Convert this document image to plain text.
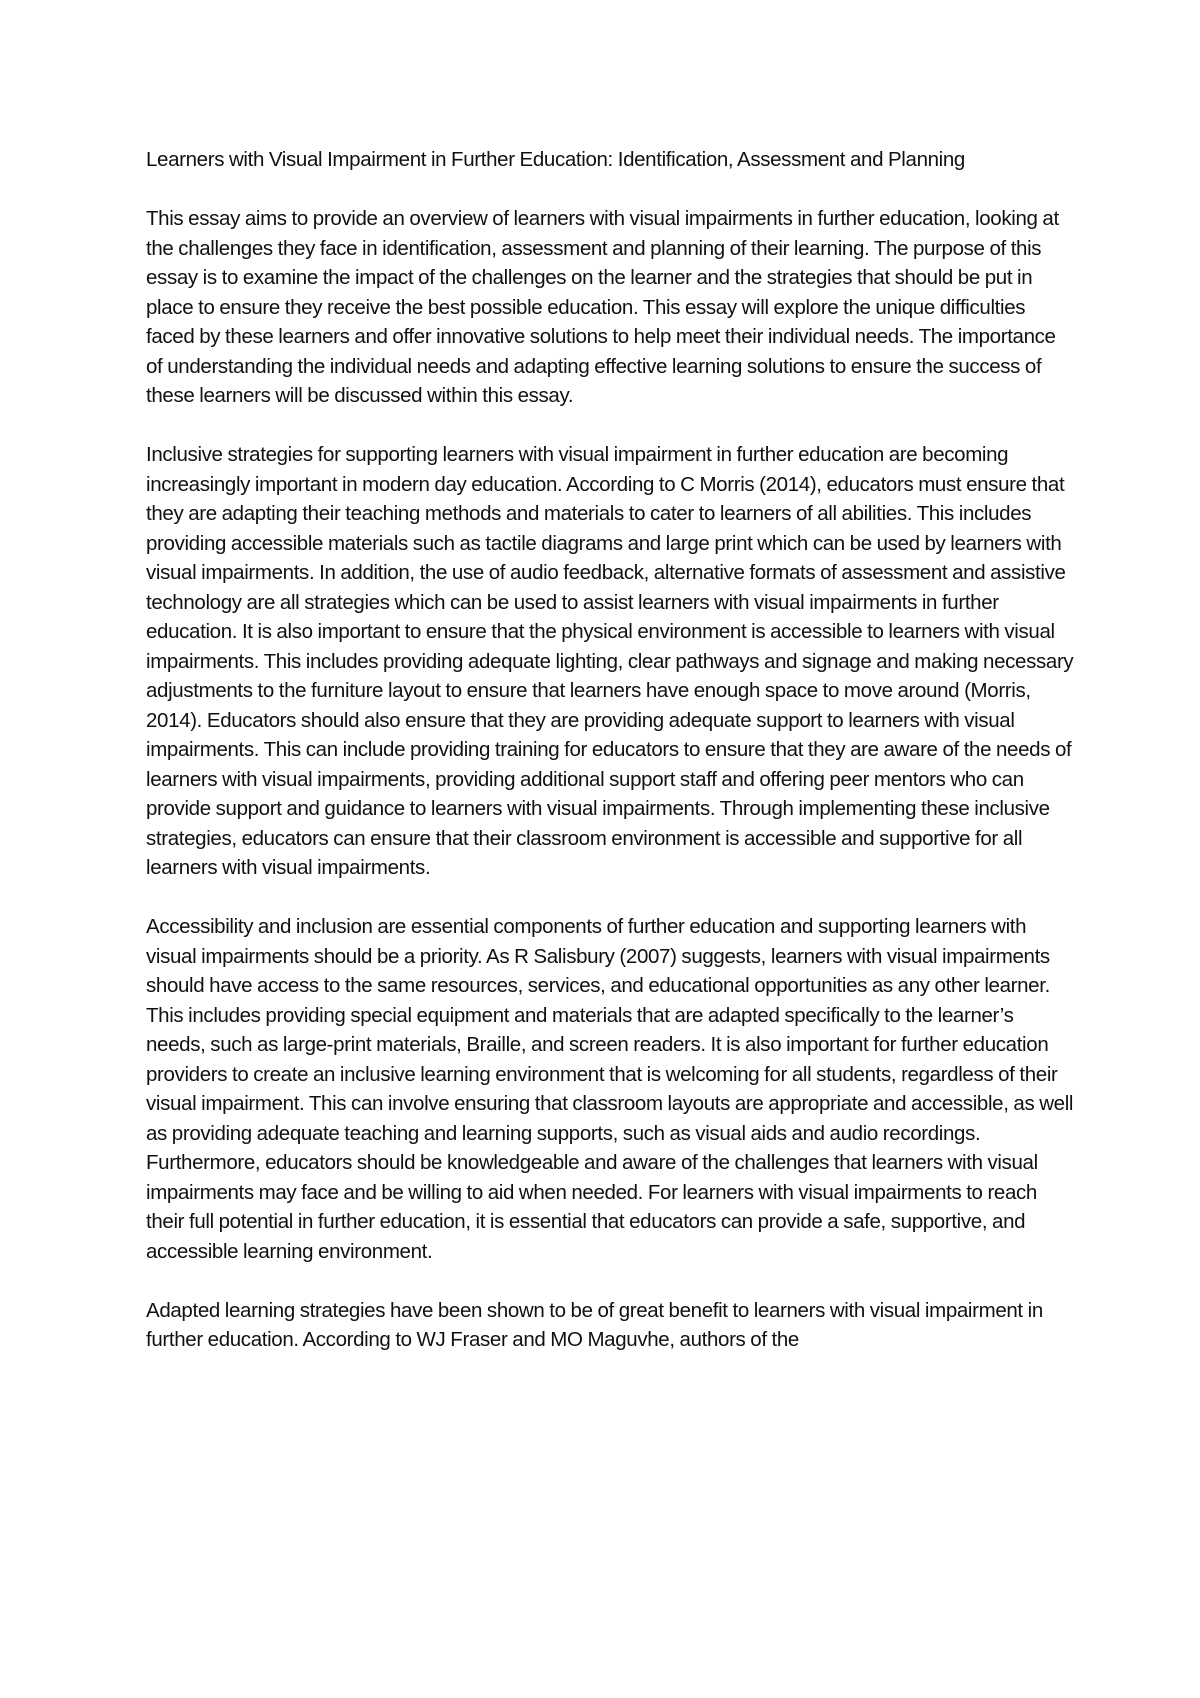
Learners with Visual Impairment in Further Education: Identification, Assessment and Planning

This essay aims to provide an overview of learners with visual impairments in further education, looking at the challenges they face in identification, assessment and planning of their learning. The purpose of this essay is to examine the impact of the challenges on the learner and the strategies that should be put in place to ensure they receive the best possible education. This essay will explore the unique difficulties faced by these learners and offer innovative solutions to help meet their individual needs. The importance of understanding the individual needs and adapting effective learning solutions to ensure the success of these learners will be discussed within this essay.

Inclusive strategies for supporting learners with visual impairment in further education are becoming increasingly important in modern day education. According to C Morris (2014), educators must ensure that they are adapting their teaching methods and materials to cater to learners of all abilities. This includes providing accessible materials such as tactile diagrams and large print which can be used by learners with visual impairments. In addition, the use of audio feedback, alternative formats of assessment and assistive technology are all strategies which can be used to assist learners with visual impairments in further education. It is also important to ensure that the physical environment is accessible to learners with visual impairments. This includes providing adequate lighting, clear pathways and signage and making necessary adjustments to the furniture layout to ensure that learners have enough space to move around (Morris, 2014). Educators should also ensure that they are providing adequate support to learners with visual impairments. This can include providing training for educators to ensure that they are aware of the needs of learners with visual impairments, providing additional support staff and offering peer mentors who can provide support and guidance to learners with visual impairments. Through implementing these inclusive strategies, educators can ensure that their classroom environment is accessible and supportive for all learners with visual impairments.

Accessibility and inclusion are essential components of further education and supporting learners with visual impairments should be a priority. As R Salisbury (2007) suggests, learners with visual impairments should have access to the same resources, services, and educational opportunities as any other learner. This includes providing special equipment and materials that are adapted specifically to the learner’s needs, such as large-print materials, Braille, and screen readers. It is also important for further education providers to create an inclusive learning environment that is welcoming for all students, regardless of their visual impairment. This can involve ensuring that classroom layouts are appropriate and accessible, as well as providing adequate teaching and learning supports, such as visual aids and audio recordings. Furthermore, educators should be knowledgeable and aware of the challenges that learners with visual impairments may face and be willing to aid when needed. For learners with visual impairments to reach their full potential in further education, it is essential that educators can provide a safe, supportive, and accessible learning environment.

Adapted learning strategies have been shown to be of great benefit to learners with visual impairment in further education. According to WJ Fraser and MO Maguvhe, authors of the
